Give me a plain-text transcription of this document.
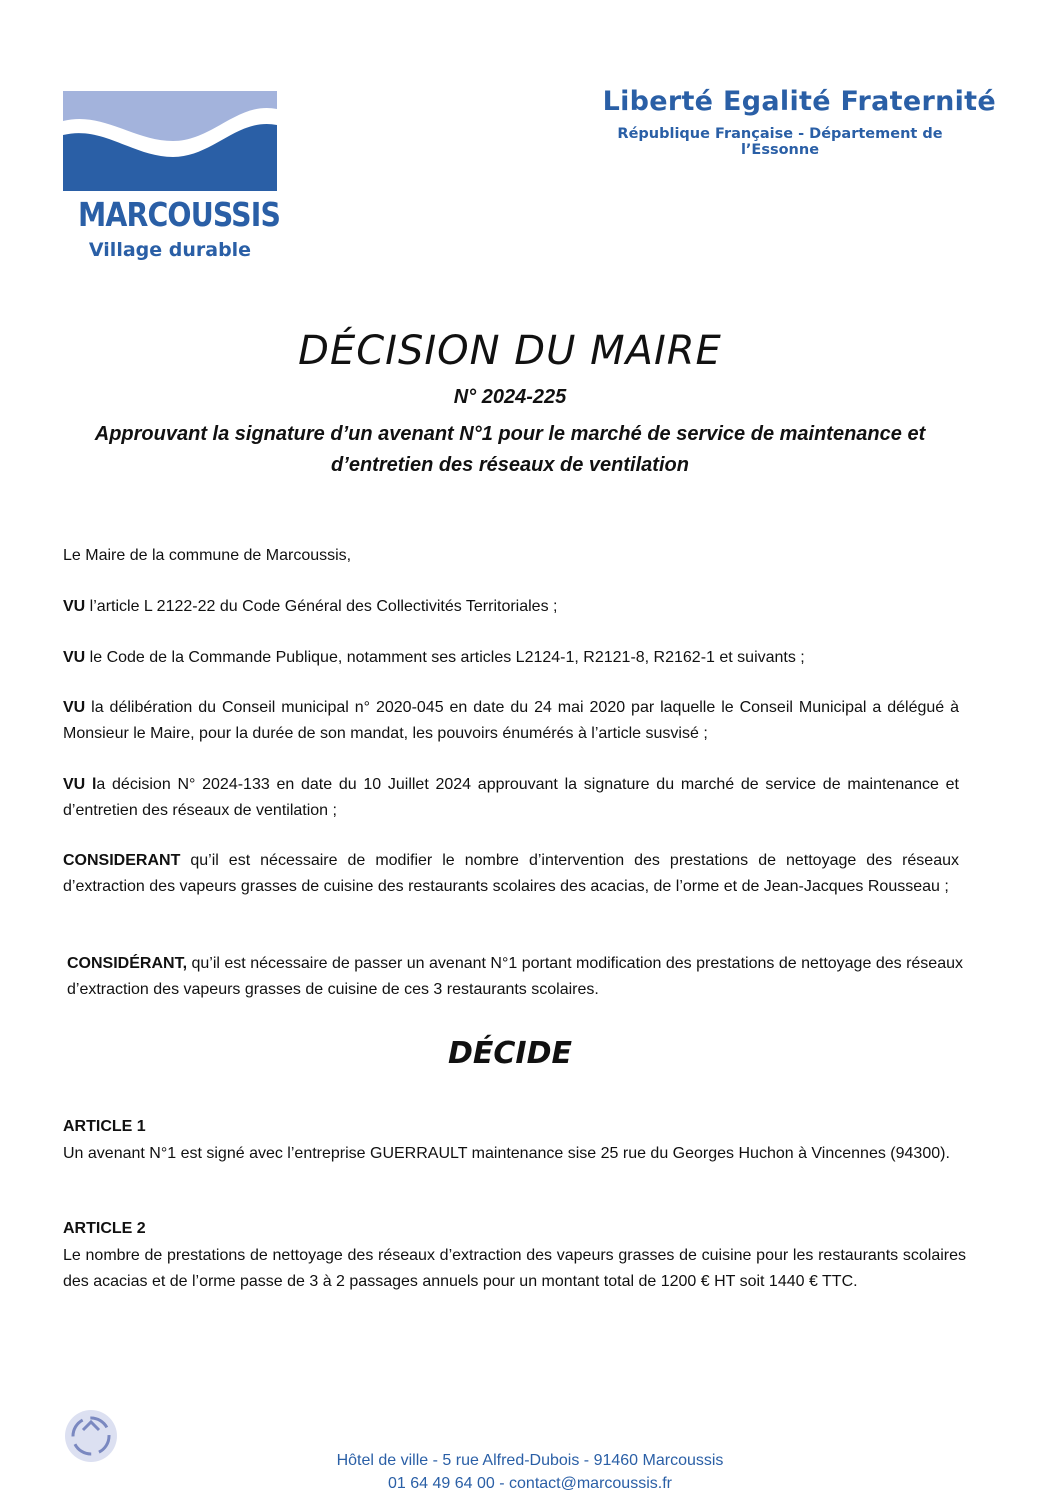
MARCOUSSIS
Village durable
Liberté Egalité Fraternité
République Française - Département de l’Essonne
DÉCISION DU MAIRE
N° 2024-225
Approuvant la signature d’un avenant N°1 pour le marché de service de maintenance et d’entretien des réseaux de ventilation
Le Maire de la commune de Marcoussis,
VU l’article L 2122-22 du Code Général des Collectivités Territoriales ;
VU le Code de la Commande Publique, notamment ses articles L2124-1, R2121-8, R2162-1 et suivants ;
VU la délibération du Conseil municipal n° 2020-045 en date du 24 mai 2020 par laquelle le Conseil Municipal a délégué à Monsieur le Maire, pour la durée de son mandat, les pouvoirs énumérés à l’article susvisé ;
VU la décision N° 2024-133 en date du 10 Juillet 2024 approuvant la signature du marché de service de maintenance et d’entretien des réseaux de ventilation ;
CONSIDERANT qu’il est nécessaire de modifier le nombre d’intervention des prestations de nettoyage des réseaux d’extraction des vapeurs grasses de cuisine des restaurants scolaires des acacias, de l’orme et de Jean-Jacques Rousseau ;
CONSIDÉRANT, qu’il est nécessaire de passer un avenant N°1 portant modification des prestations de nettoyage des réseaux d’extraction des vapeurs grasses de cuisine de ces 3 restaurants scolaires.
DÉCIDE
ARTICLE 1
Un avenant N°1 est signé avec l’entreprise GUERRAULT maintenance sise 25 rue du Georges Huchon à Vincennes (94300).
ARTICLE 2
Le nombre de prestations de nettoyage des réseaux d’extraction des vapeurs grasses de cuisine pour les restaurants scolaires des acacias et de l’orme passe de 3 à 2 passages annuels pour un montant total de 1200 € HT soit 1440 € TTC.
Hôtel de ville - 5 rue Alfred-Dubois - 91460 Marcoussis
01 64 49 64 00 - contact@marcoussis.fr
